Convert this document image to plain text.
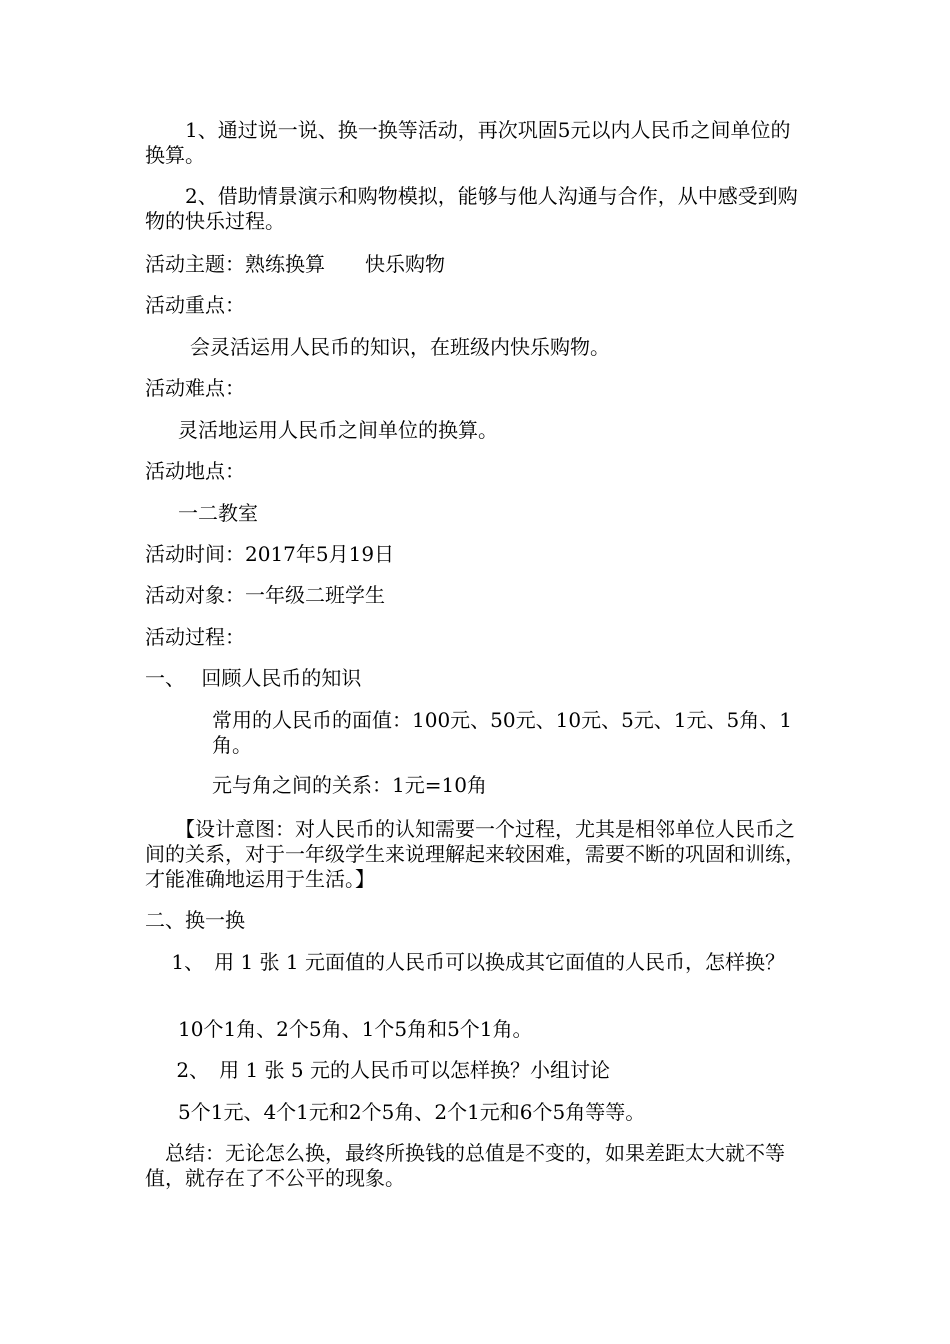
　　1、通过说一说、换一换等活动，再次巩固5元以内人民币之间单位的换算。
　　2、借助情景演示和购物模拟，能够与他人沟通与合作，从中感受到购物的快乐过程。
活动主题：熟练换算　　快乐购物
活动重点：
　　会灵活运用人民币的知识，在班级内快乐购物。
活动难点：
　　灵活地运用人民币之间单位的换算。
活动地点：
　　一二教室
活动时间：2017年5月19日
活动对象：一年级二班学生
活动过程：
一、　 回顾人民币的知识
常用的人民币的面值：100元、50元、10元、5元、1元、5角、1角。
元与角之间的关系：1元=10角
　　【设计意图：对人民币的认知需要一个过程，尤其是相邻单位人民币之间的关系，对于一年级学生来说理解起来较困难，需要不断的巩固和训练，才能准确地运用于生活。】
二、换一换
　 1、　用 1 张 1 元面值的人民币可以换成其它面值的人民币，怎样换？
　　10个1角、2个5角、1个5角和5个1角。
　 2、　用 1 张 5 元的人民币可以怎样换？小组讨论
　　5个1元、4个1元和2个5角、2个1元和6个5角等等。
　总结：无论怎么换，最终所换钱的总值是不变的，如果差距太大就不等值，就存在了不公平的现象。
